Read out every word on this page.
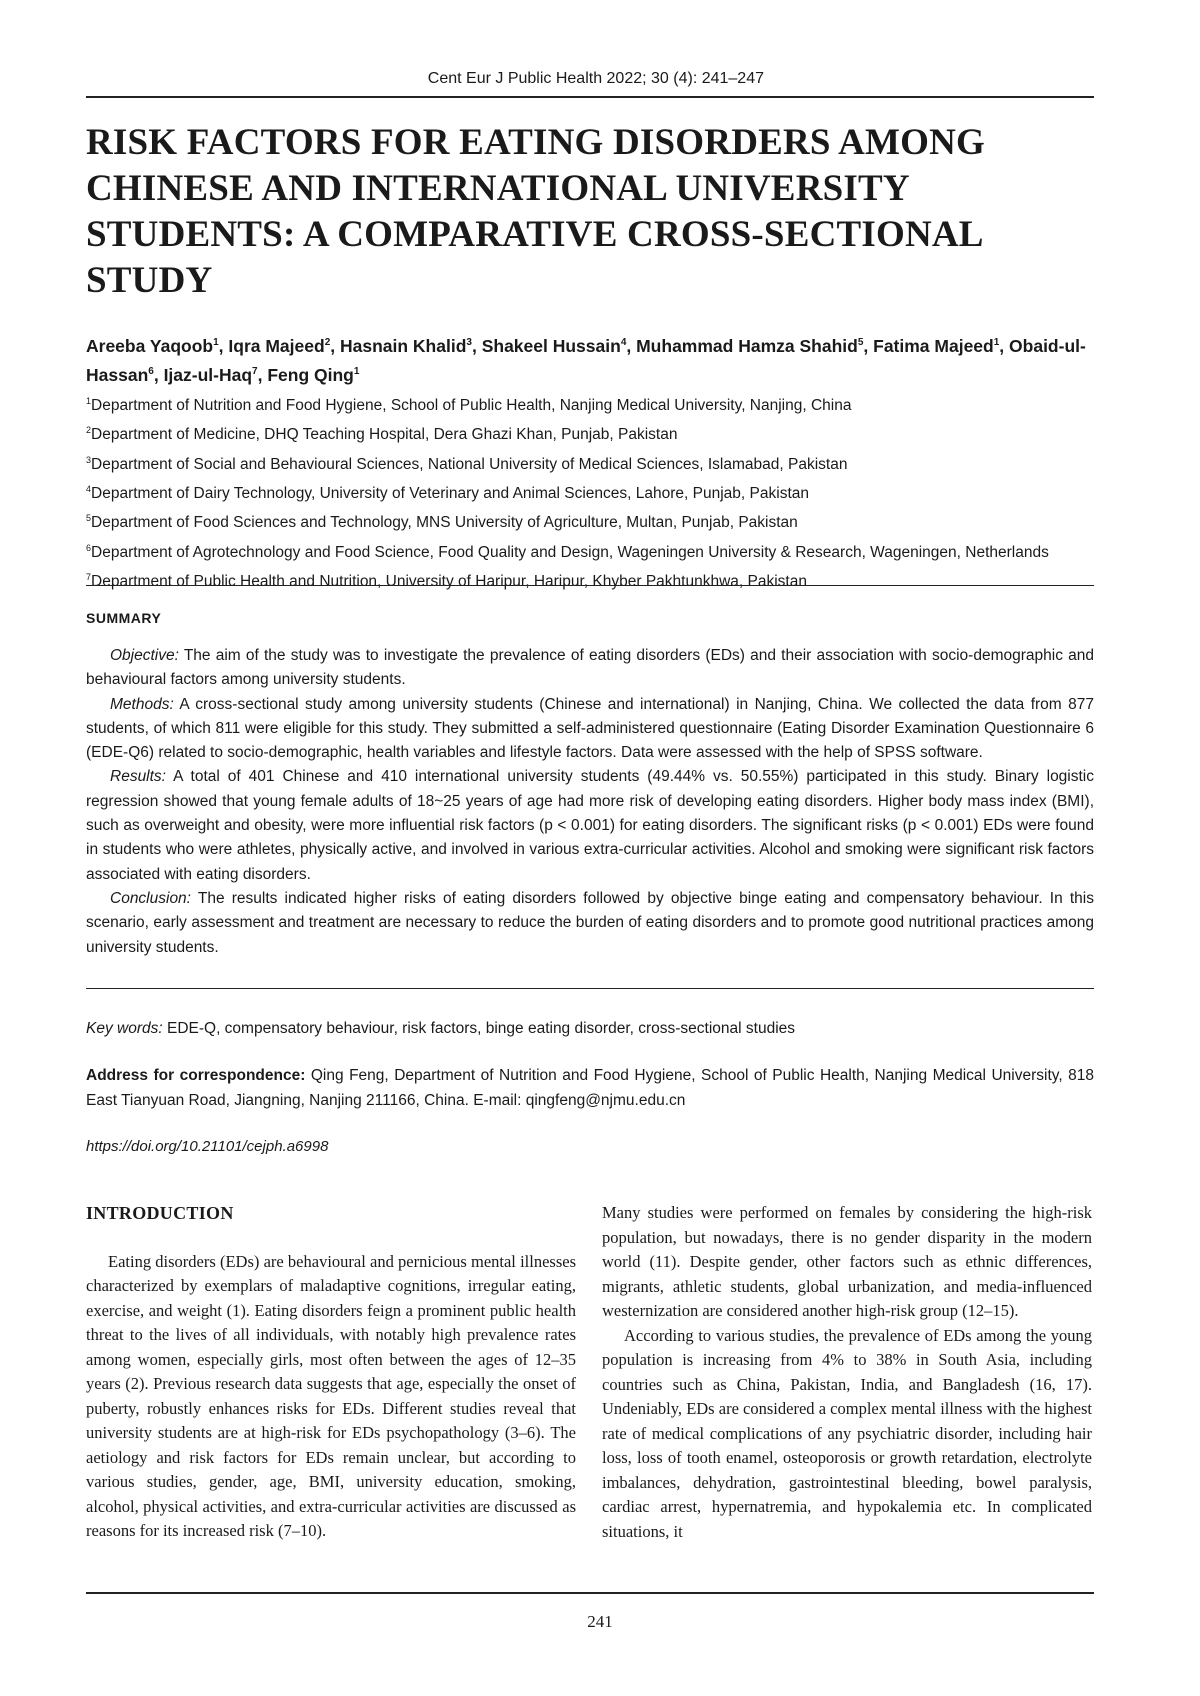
Cent Eur J Public Health 2022; 30 (4): 241–247
RISK FACTORS FOR EATING DISORDERS AMONG CHINESE AND INTERNATIONAL UNIVERSITY STUDENTS: A COMPARATIVE CROSS-SECTIONAL STUDY

Areeba Yaqoob$^1$, Iqra Majeed$^2$, Hasnain Khalid$^3$, Shakeel Hussain$^4$, Muhammad Hamza Shahid$^5$, Fatima Majeed$^1$, Obaid-ul-Hassan$^6$, Ijaz-ul-Haq$^7$, Feng Qing$^1$

$^1$Department of Nutrition and Food Hygiene, School of Public Health, Nanjing Medical University, Nanjing, China
$^2$Department of Medicine, DHQ Teaching Hospital, Dera Ghazi Khan, Punjab, Pakistan
$^3$Department of Social and Behavioural Sciences, National University of Medical Sciences, Islamabad, Pakistan
$^4$Department of Dairy Technology, University of Veterinary and Animal Sciences, Lahore, Punjab, Pakistan
$^5$Department of Food Sciences and Technology, MNS University of Agriculture, Multan, Punjab, Pakistan
$^6$Department of Agrotechnology and Food Science, Food Quality and Design, Wageningen University & Research, Wageningen, Netherlands
$^7$Department of Public Health and Nutrition, University of Haripur, Haripur, Khyber Pakhtunkhwa, Pakistan
SUMMARY

Objective: The aim of the study was to investigate the prevalence of eating disorders (EDs) and their association with socio-demographic and behavioural factors among university students.

Methods: A cross-sectional study among university students (Chinese and international) in Nanjing, China. We collected the data from 877 students, of which 811 were eligible for this study. They submitted a self-administered questionnaire (Eating Disorder Examination Questionnaire 6 (EDE-Q6) related to socio-demographic, health variables and lifestyle factors. Data were assessed with the help of SPSS software.

Results: A total of 401 Chinese and 410 international university students (49.44% vs. 50.55%) participated in this study. Binary logistic regression showed that young female adults of 18~25 years of age had more risk of developing eating disorders. Higher body mass index (BMI), such as overweight and obesity, were more influential risk factors (p < 0.001) for eating disorders. The significant risks (p < 0.001) EDs were found in students who were athletes, physically active, and involved in various extra-curricular activities. Alcohol and smoking were significant risk factors associated with eating disorders.

Conclusion: The results indicated higher risks of eating disorders followed by objective binge eating and compensatory behaviour. In this scenario, early assessment and treatment are necessary to reduce the burden of eating disorders and to promote good nutritional practices among university students.

Key words: EDE-Q, compensatory behaviour, risk factors, binge eating disorder, cross-sectional studies

Address for correspondence: Qing Feng, Department of Nutrition and Food Hygiene, School of Public Health, Nanjing Medical University, 818 East Tianyuan Road, Jiangning, Nanjing 211166, China. E-mail: qingfeng@njmu.edu.cn

https://doi.org/10.21101/cejph.a6998

INTRODUCTION

Eating disorders (EDs) are behavioural and pernicious mental illnesses characterized by exemplars of maladaptive cognitions, irregular eating, exercise, and weight (1). Eating disorders feign a prominent public health threat to the lives of all individuals, with notably high prevalence rates among women, especially girls, most often between the ages of 12–35 years (2). Previous research data suggests that age, especially the onset of puberty, robustly enhances risks for EDs. Different studies reveal that university students are at high-risk for EDs psychopathology (3–6). The aetiology and risk factors for EDs remain unclear, but according to various studies, gender, age, BMI, university education, smoking, alcohol, physical activities, and extra-curricular activities are discussed as reasons for its increased risk (7–10).

Many studies were performed on females by considering the high-risk population, but nowadays, there is no gender disparity in the modern world (11). Despite gender, other factors such as ethnic differences, migrants, athletic students, global urbanization, and media-influenced westernization are considered another high-risk group (12–15).

According to various studies, the prevalence of EDs among the young population is increasing from 4% to 38% in South Asia, including countries such as China, Pakistan, India, and Bangladesh (16, 17). Undeniably, EDs are considered a complex mental illness with the highest rate of medical complications of any psychiatric disorder, including hair loss, loss of tooth enamel, osteoporosis or growth retardation, electrolyte imbalances, dehydration, gastrointestinal bleeding, bowel paralysis, cardiac arrest, hypernatremia, and hypokalemia etc. In complicated situations, it

241
